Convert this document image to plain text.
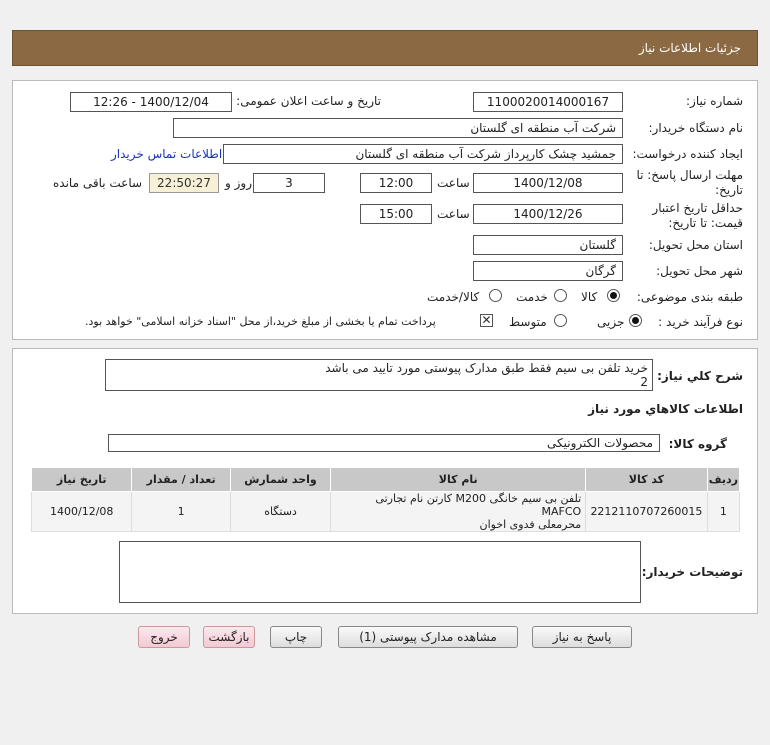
جزئیات اطلاعات نیاز
شماره نیاز:
1100020014000167
تاریخ و ساعت اعلان عمومی:
1400/12/04 - 12:26
نام دستگاه خریدار:
شرکت آب منطقه ای گلستان
ایجاد کننده درخواست:
جمشید چشک کارپرداز شرکت آب منطقه ای گلستان
اطلاعات تماس خریدار
مهلت ارسال پاسخ: تا
تاریخ:
1400/12/08
ساعت
12:00
3
روز و
22:50:27
ساعت باقی مانده
حداقل تاریخ اعتبار
قیمت: تا تاریخ:
1400/12/26
ساعت
15:00
استان محل تحویل:
گلستان
شهر محل تحویل:
گرگان
طبقه بندی موضوعی:
کالا
خدمت
کالا/خدمت
نوع فرآیند خرید :
جزیی
متوسط
✕
پرداخت تمام یا بخشی از مبلغ خرید،از محل "اسناد خزانه اسلامی" خواهد بود.
شرح کلي نياز:
خرید تلفن بی سیم فقط طبق مدارک پیوستی مورد تایید می باشد
2
اطلاعات کالاهاي مورد نياز
گروه کالا:
محصولات الکترونیکی
ردیف	کد کالا	نام کالا	واحد شمارش	تعداد / مقدار	تاریخ نیاز
1	2212110707260015	تلفن بی سیم خانگی M200 کارتن نام تجارتی MAFCO
محرمعلی فدوی اخوان	دستگاه	1	1400/12/08
توضیحات خریدار:
پاسخ به نیاز
مشاهده مدارک پیوستی (1)
چاپ
بازگشت
خروج
